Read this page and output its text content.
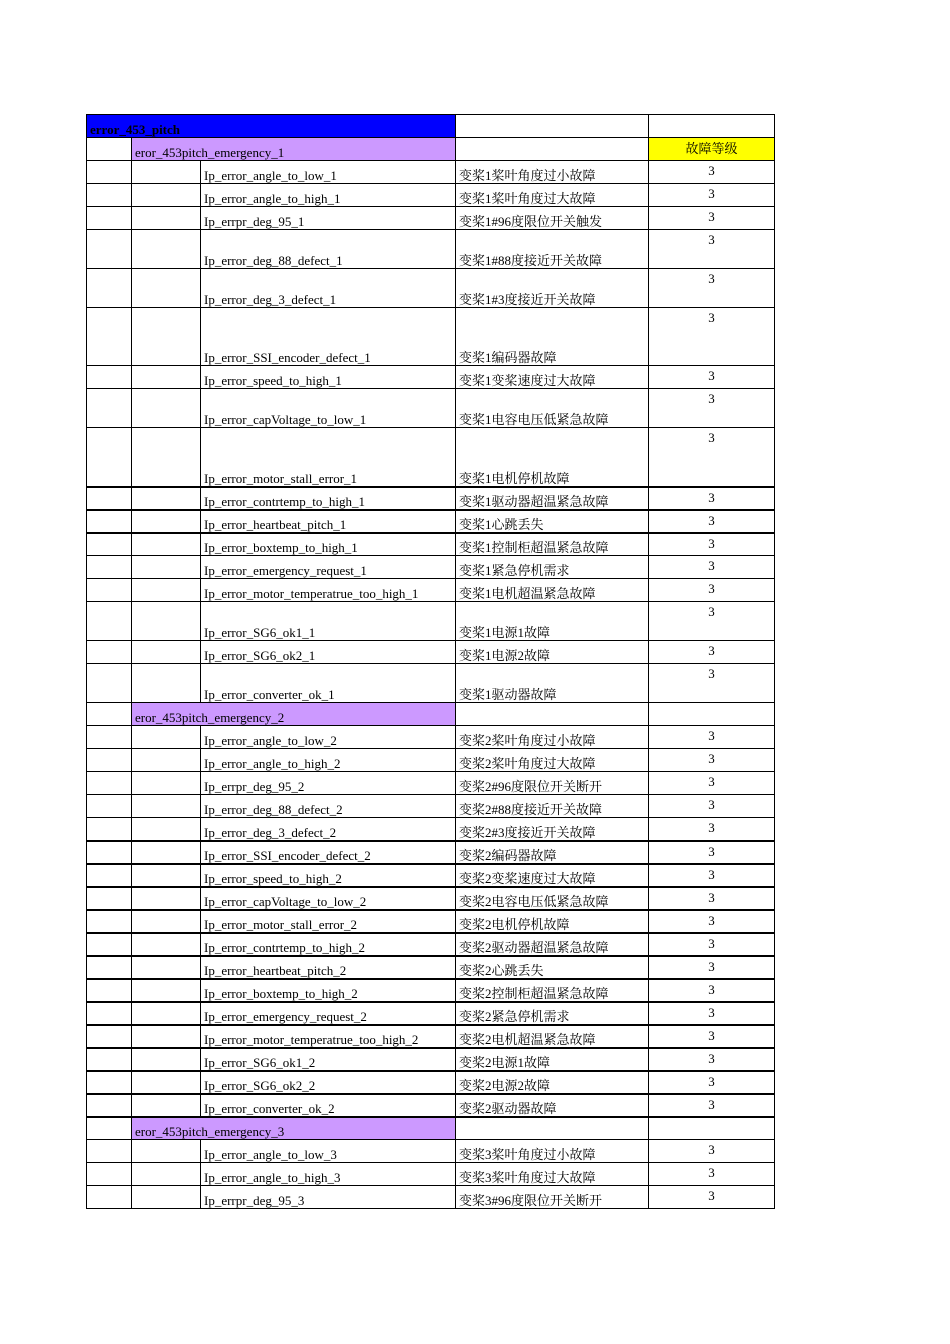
error_453_pitch				
	eror_453pitch_emergency_1			故障等级
		Ip_error_angle_to_low_1	变桨1桨叶角度过小故障	3
		Ip_error_angle_to_high_1	变桨1桨叶角度过大故障	3
		Ip_errpr_deg_95_1	变桨1#96度限位开关触发	3
		Ip_error_deg_88_defect_1	变桨1#88度接近开关故障	3
		Ip_error_deg_3_defect_1	变桨1#3度接近开关故障	3
		Ip_error_SSI_encoder_defect_1	变桨1编码器故障	3
		Ip_error_speed_to_high_1	变桨1变桨速度过大故障	3
		Ip_error_capVoltage_to_low_1	变桨1电容电压低紧急故障	3
		Ip_error_motor_stall_error_1	变桨1电机停机故障	3
		Ip_error_contrtemp_to_high_1	变桨1驱动器超温紧急故障	3
		Ip_error_heartbeat_pitch_1	变桨1心跳丢失	3
		Ip_error_boxtemp_to_high_1	变桨1控制柜超温紧急故障	3
		Ip_error_emergency_request_1	变桨1紧急停机需求	3
		Ip_error_motor_temperatrue_too_high_1	变桨1电机超温紧急故障	3
		Ip_error_SG6_ok1_1	变桨1电源1故障	3
		Ip_error_SG6_ok2_1	变桨1电源2故障	3
		Ip_error_converter_ok_1	变桨1驱动器故障	3
	eror_453pitch_emergency_2			
		Ip_error_angle_to_low_2	变桨2桨叶角度过小故障	3
		Ip_error_angle_to_high_2	变桨2桨叶角度过大故障	3
		Ip_errpr_deg_95_2	变桨2#96度限位开关断开	3
		Ip_error_deg_88_defect_2	变桨2#88度接近开关故障	3
		Ip_error_deg_3_defect_2	变桨2#3度接近开关故障	3
		Ip_error_SSI_encoder_defect_2	变桨2编码器故障	3
		Ip_error_speed_to_high_2	变桨2变桨速度过大故障	3
		Ip_error_capVoltage_to_low_2	变桨2电容电压低紧急故障	3
		Ip_error_motor_stall_error_2	变桨2电机停机故障	3
		Ip_error_contrtemp_to_high_2	变桨2驱动器超温紧急故障	3
		Ip_error_heartbeat_pitch_2	变桨2心跳丢失	3
		Ip_error_boxtemp_to_high_2	变桨2控制柜超温紧急故障	3
		Ip_error_emergency_request_2	变桨2紧急停机需求	3
		Ip_error_motor_temperatrue_too_high_2	变桨2电机超温紧急故障	3
		Ip_error_SG6_ok1_2	变桨2电源1故障	3
		Ip_error_SG6_ok2_2	变桨2电源2故障	3
		Ip_error_converter_ok_2	变桨2驱动器故障	3
	eror_453pitch_emergency_3			
		Ip_error_angle_to_low_3	变桨3桨叶角度过小故障	3
		Ip_error_angle_to_high_3	变桨3桨叶角度过大故障	3
		Ip_errpr_deg_95_3	变桨3#96度限位开关断开	3
